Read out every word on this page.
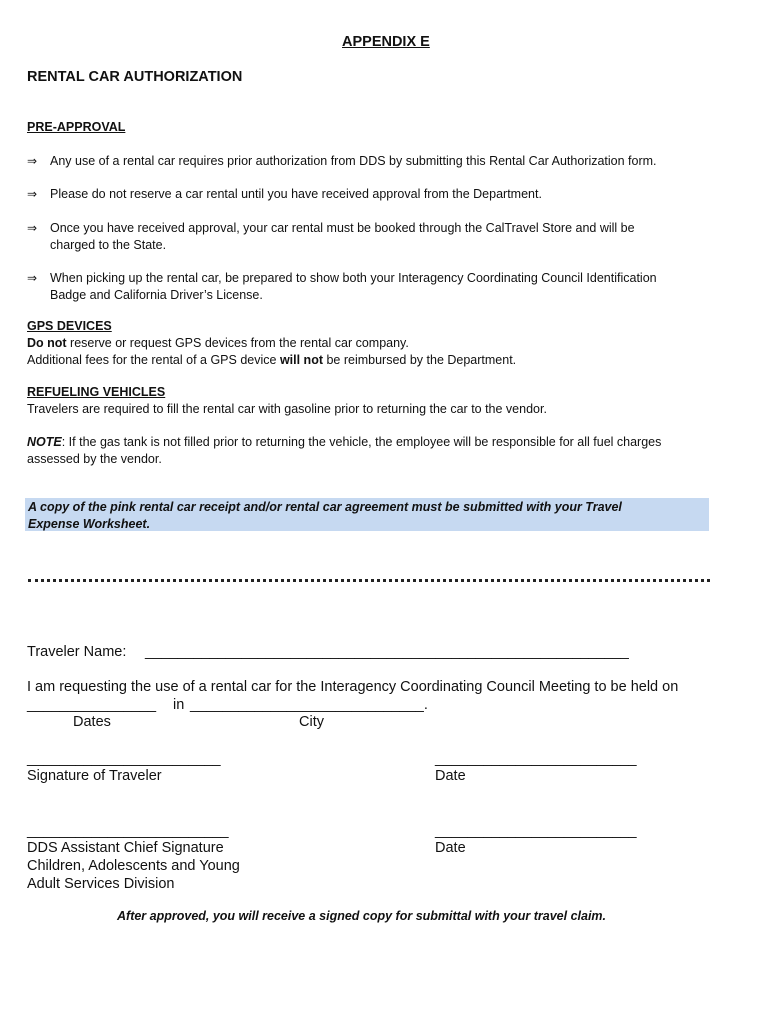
APPENDIX E
RENTAL CAR AUTHORIZATION
PRE-APPROVAL
⇒ Any use of a rental car requires prior authorization from DDS by submitting this Rental Car Authorization form.
⇒ Please do not reserve a car rental until you have received approval from the Department.
⇒ Once you have received approval, your car rental must be booked through the CalTravel Store and will be
charged to the State.
⇒ When picking up the rental car, be prepared to show both your Interagency Coordinating Council Identification
Badge and California Driver’s License.
GPS DEVICES
Do not reserve or request GPS devices from the rental car company.
Additional fees for the rental of a GPS device will not be reimbursed by the Department.
REFUELING VEHICLES
Travelers are required to fill the rental car with gasoline prior to returning the car to the vendor.
NOTE: If the gas tank is not filled prior to returning the vehicle, the employee will be responsible for all fuel charges
assessed by the vendor.
A copy of the pink rental car receipt and/or rental car agreement must be submitted with your Travel
Expense Worksheet.
Traveler Name: ____________________________________________________________
I am requesting the use of a rental car for the Interagency Coordinating Council Meeting to be held on
________________ in _____________________________.
Dates	City
________________________
Signature of Traveler
_________________________
Date
_________________________
DDS Assistant Chief Signature
Children, Adolescents and Young
Adult Services Division
_________________________
Date
After approved, you will receive a signed copy for submittal with your travel claim.
